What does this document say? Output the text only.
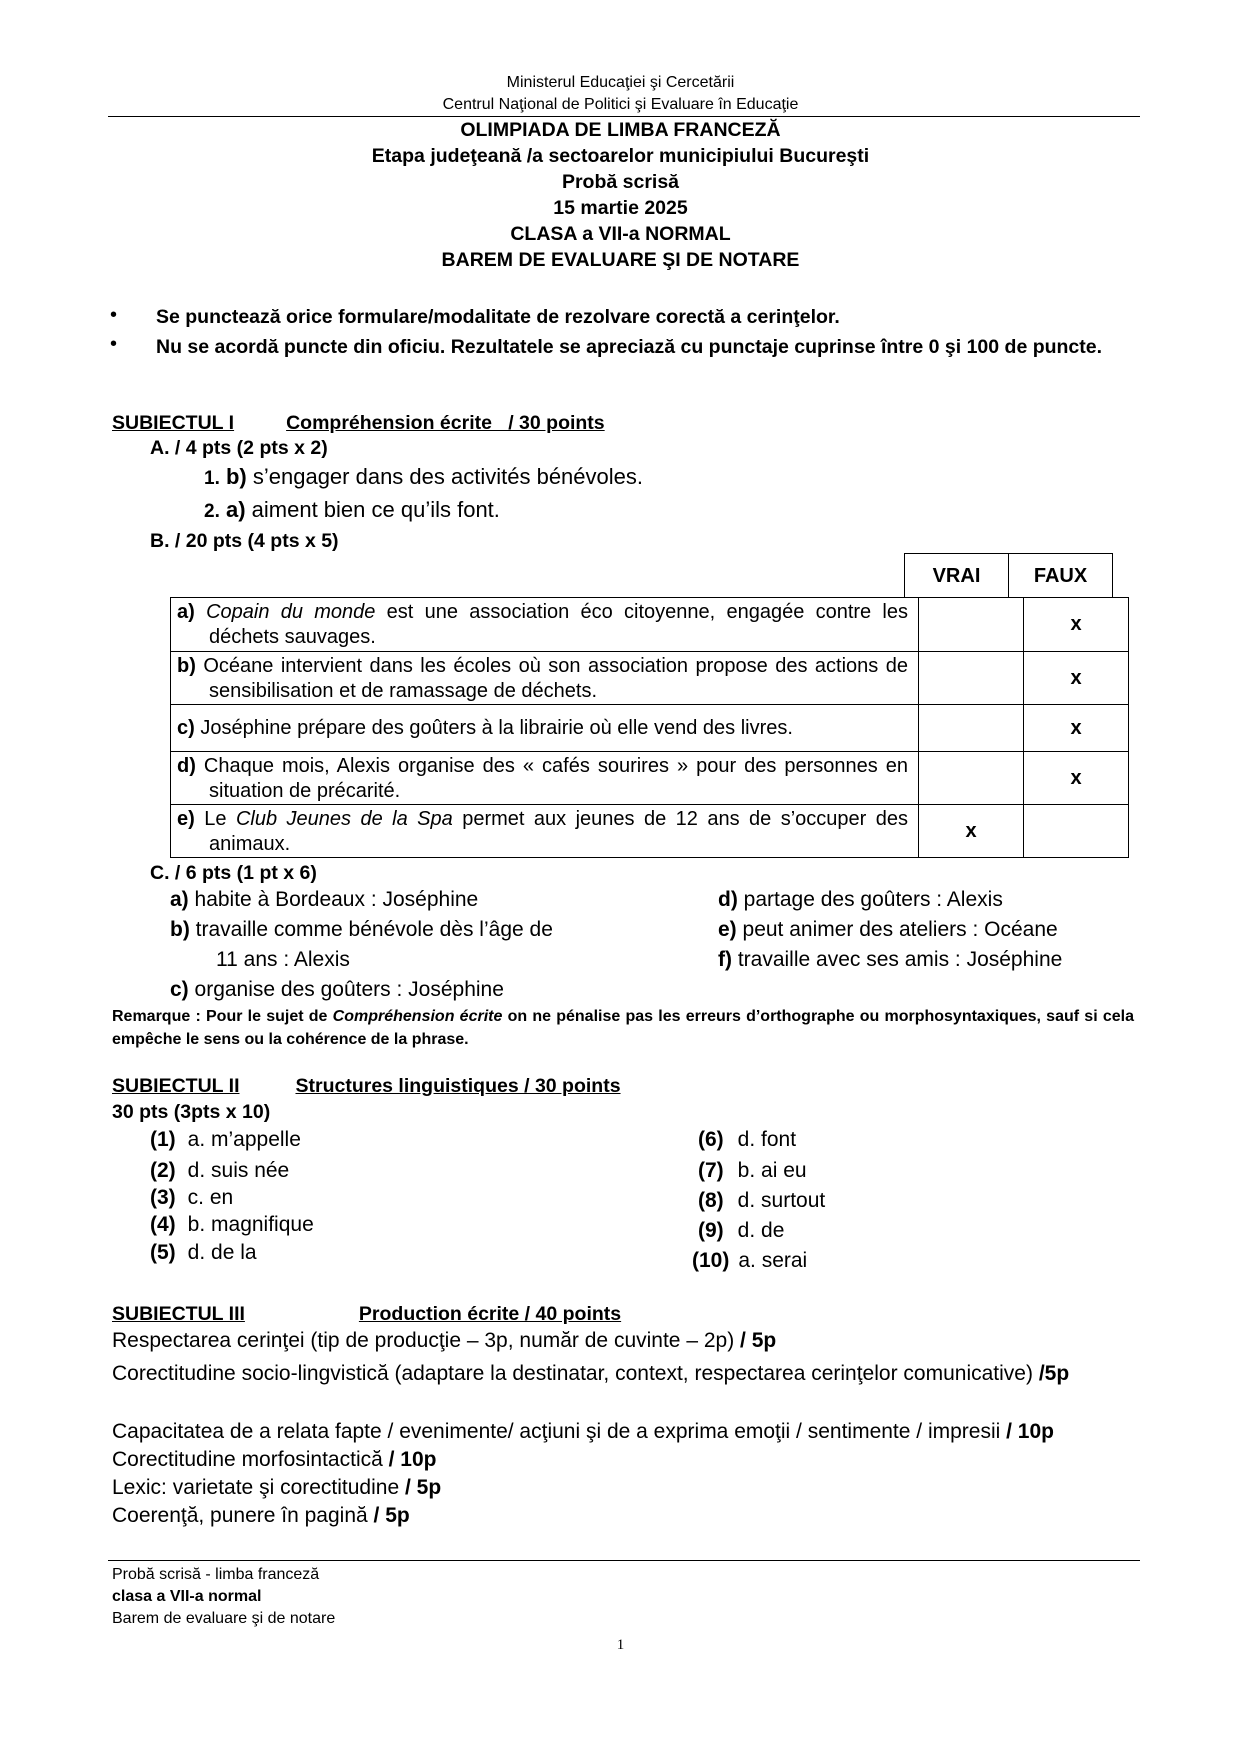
Ministerul Educaţiei şi Cercetării
Centrul Naţional de Politici şi Evaluare în Educaţie
OLIMPIADA DE LIMBA FRANCEZĂ
Etapa judeţeană /a sectoarelor municipiului Bucureşti
Probă scrisă
15 martie 2025
CLASA a VII-a NORMAL
BAREM DE EVALUARE ŞI DE NOTARE
• Se punctează orice formulare/modalitate de rezolvare corectă a cerinţelor.
• Nu se acordă puncte din oficiu. Rezultatele se apreciază cu punctaje cuprinse între 0 şi 100 de puncte.
SUBIECTUL I	Compréhension écrite   / 30 points
A. / 4 pts (2 pts x 2)
1. b) s’engager dans des activités bénévoles.
2. a) aiment bien ce qu’ils font.
B. / 20 pts (4 pts x 5)
VRAI	FAUX
a) Copain du monde est une association éco citoyenne, engagée contre les déchets sauvages.		x

b) Océane intervient dans les écoles où son association propose des actions de sensibilisation et de ramassage de déchets.		x

c) Joséphine prépare des goûters à la librairie où elle vend des livres.		x

d) Chaque mois, Alexis organise des « cafés sourires » pour des personnes en situation de précarité.		x

e) Le Club Jeunes de la Spa permet aux jeunes de 12 ans de s’occuper des animaux.	x	
C. / 6 pts (1 pt x 6)
a) habite à Bordeaux : Joséphine
b) travaille comme bénévole dès l’âge de
11 ans : Alexis
c) organise des goûters : Joséphine
d) partage des goûters : Alexis
e) peut animer des ateliers : Océane
f) travaille avec ses amis : Joséphine
Remarque : Pour le sujet de Compréhension écrite on ne pénalise pas les erreurs d’orthographe ou morphosyntaxiques, sauf si cela empêche le sens ou la cohérence de la phrase.
SUBIECTUL II	Structures linguistiques / 30 points
30 pts (3pts x 10)
(1) a. m’appelle
(2) d. suis née
(3) c. en
(4) b. magnifique
(5) d. de la
(6) d. font
(7) b. ai eu
(8) d. surtout
(9) d. de
(10) a. serai
SUBIECTUL III	Production écrite / 40 points
Respectarea cerinţei (tip de producţie – 3p, număr de cuvinte – 2p) / 5p
Corectitudine socio-lingvistică (adaptare la destinatar, context, respectarea cerinţelor comunicative) /5p
Capacitatea de a relata fapte / evenimente/ acţiuni şi de a exprima emoţii / sentimente / impresii / 10p
Corectitudine morfosintactică / 10p
Lexic: varietate şi corectitudine / 5p
Coerenţă, punere în pagină / 5p
Probă scrisă - limba franceză
clasa a VII-a normal
Barem de evaluare şi de notare
1
